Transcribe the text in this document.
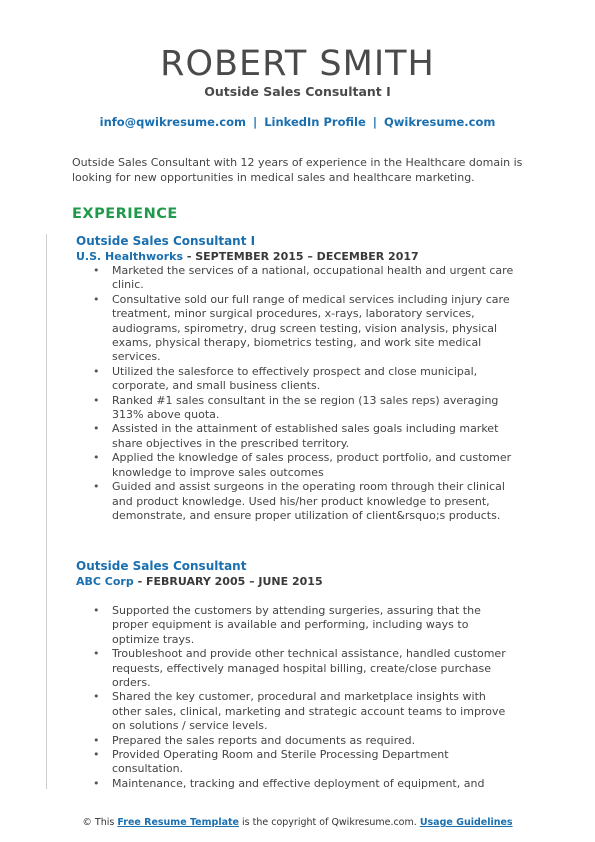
ROBERT SMITH
Outside Sales Consultant I
info@qwikresume.com | LinkedIn Profile | Qwikresume.com
Outside Sales Consultant with 12 years of experience in the Healthcare domain is looking for new opportunities in medical sales and healthcare marketing.
EXPERIENCE
Outside Sales Consultant I
U.S. Healthworks - SEPTEMBER 2015 – DECEMBER 2017
• Marketed the services of a national, occupational health and urgent care clinic.
• Consultative sold our full range of medical services including injury care treatment, minor surgical procedures, x-rays, laboratory services, audiograms, spirometry, drug screen testing, vision analysis, physical exams, physical therapy, biometrics testing, and work site medical services.
• Utilized the salesforce to effectively prospect and close municipal, corporate, and small business clients.
• Ranked #1 sales consultant in the se region (13 sales reps) averaging 313% above quota.
• Assisted in the attainment of established sales goals including market share objectives in the prescribed territory.
• Applied the knowledge of sales process, product portfolio, and customer knowledge to improve sales outcomes
• Guided and assist surgeons in the operating room through their clinical and product knowledge. Used his/her product knowledge to present, demonstrate, and ensure proper utilization of client&rsquo;s products.
Outside Sales Consultant
ABC Corp - FEBRUARY 2005 – JUNE 2015
• Supported the customers by attending surgeries, assuring that the proper equipment is available and performing, including ways to optimize trays.
• Troubleshoot and provide other technical assistance, handled customer requests, effectively managed hospital billing, create/close purchase orders.
• Shared the key customer, procedural and marketplace insights with other sales, clinical, marketing and strategic account teams to improve on solutions / service levels.
• Prepared the sales reports and documents as required.
• Provided Operating Room and Sterile Processing Department consultation.
• Maintenance, tracking and effective deployment of equipment, and
© This Free Resume Template is the copyright of Qwikresume.com. Usage Guidelines
